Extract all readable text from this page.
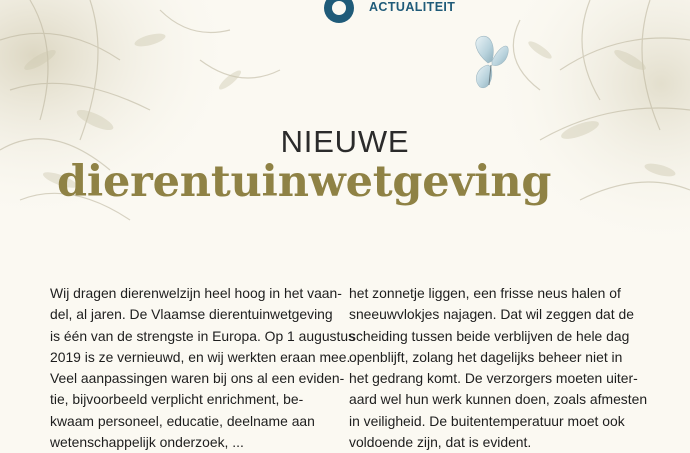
ACTUALITEIT
NIEUWE
dierentuinwetgeving
Wij dragen dierenwelzijn heel hoog in het vaan-
del, al jaren. De Vlaamse dierentuinwetgeving
is één van de strengste in Europa. Op 1 augustus
2019 is ze vernieuwd, en wij werkten eraan mee.
Veel aanpassingen waren bij ons al een eviden-
tie, bijvoorbeeld verplicht enrichment, be-
kwaam personeel, educatie, deelname aan
wetenschappelijk onderzoek, ...
het zonnetje liggen, een frisse neus halen of
sneeuwvlokjes najagen. Dat wil zeggen dat de
scheiding tussen beide verblijven de hele dag
openblijft, zolang het dagelijks beheer niet in
het gedrang komt. De verzorgers moeten uiter-
aard wel hun werk kunnen doen, zoals afmesten
in veiligheid. De buitentemperatuur moet ook
voldoende zijn, dat is evident.
